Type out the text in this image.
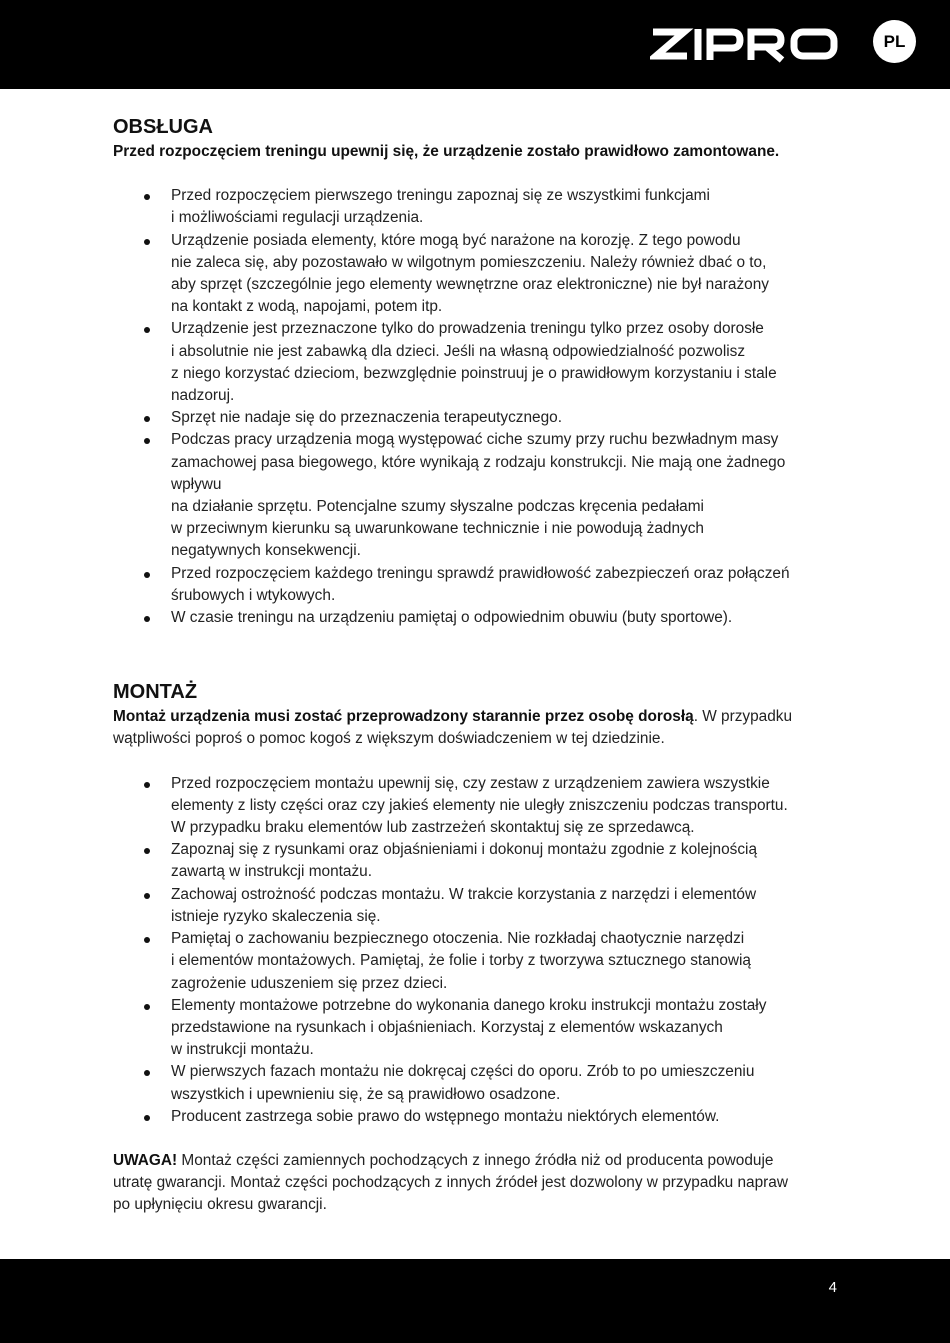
PL
OBSŁUGA

Przed rozpoczęciem treningu upewnij się, że urządzenie zostało prawidłowo zamontowane.

Przed rozpoczęciem pierwszego treningu zapoznaj się ze wszystkimi funkcjami
i możliwościami regulacji urządzenia.
Urządzenie posiada elementy, które mogą być narażone na korozję. Z tego powodu
nie zaleca się, aby pozostawało w wilgotnym pomieszczeniu. Należy również dbać o to,
aby sprzęt (szczególnie jego elementy wewnętrzne oraz elektroniczne) nie był narażony
na kontakt z wodą, napojami, potem itp.
Urządzenie jest przeznaczone tylko do prowadzenia treningu tylko przez osoby dorosłe
i absolutnie nie jest zabawką dla dzieci. Jeśli na własną odpowiedzialność pozwolisz
z niego korzystać dzieciom, bezwzględnie poinstruuj je o prawidłowym korzystaniu i stale
nadzoruj.
Sprzęt nie nadaje się do przeznaczenia terapeutycznego.
Podczas pracy urządzenia mogą występować ciche szumy przy ruchu bezwładnym masy
zamachowej pasa biegowego, które wynikają z rodzaju konstrukcji. Nie mają one żadnego
wpływu
na działanie sprzętu. Potencjalne szumy słyszalne podczas kręcenia pedałami
w przeciwnym kierunku są uwarunkowane technicznie i nie powodują żadnych
negatywnych konsekwencji.
Przed rozpoczęciem każdego treningu sprawdź prawidłowość zabezpieczeń oraz połączeń
śrubowych i wtykowych.
W czasie treningu na urządzeniu pamiętaj o odpowiednim obuwiu (buty sportowe).
MONTAŻ

Montaż urządzenia musi zostać przeprowadzony starannie przez osobę dorosłą. W przypadku
wątpliwości poproś o pomoc kogoś z większym doświadczeniem w tej dziedzinie.

Przed rozpoczęciem montażu upewnij się, czy zestaw z urządzeniem zawiera wszystkie
elementy z listy części oraz czy jakieś elementy nie uległy zniszczeniu podczas transportu.
W przypadku braku elementów lub zastrzeżeń skontaktuj się ze sprzedawcą.
Zapoznaj się z rysunkami oraz objaśnieniami i dokonuj montażu zgodnie z kolejnością
zawartą w instrukcji montażu.
Zachowaj ostrożność podczas montażu. W trakcie korzystania z narzędzi i elementów
istnieje ryzyko skaleczenia się.
Pamiętaj o zachowaniu bezpiecznego otoczenia. Nie rozkładaj chaotycznie narzędzi
i elementów montażowych. Pamiętaj, że folie i torby z tworzywa sztucznego stanowią
zagrożenie uduszeniem się przez dzieci.
Elementy montażowe potrzebne do wykonania danego kroku instrukcji montażu zostały
przedstawione na rysunkach i objaśnieniach. Korzystaj z elementów wskazanych
w instrukcji montażu.
W pierwszych fazach montażu nie dokręcaj części do oporu. Zrób to po umieszczeniu
wszystkich i upewnieniu się, że są prawidłowo osadzone.
Producent zastrzega sobie prawo do wstępnego montażu niektórych elementów.

UWAGA! Montaż części zamiennych pochodzących z innego źródła niż od producenta powoduje
utratę gwarancji. Montaż części pochodzących z innych źródeł jest dozwolony w przypadku napraw
po upłynięciu okresu gwarancji.

4
